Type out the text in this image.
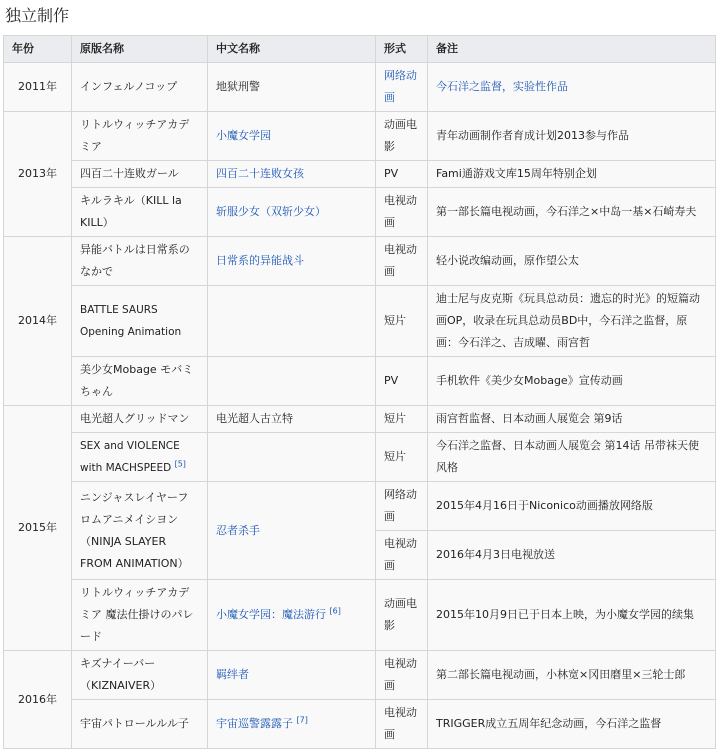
独立制作
年份	原版名称	中文名称	形式	备注
2011年	インフェルノコップ	地狱刑警	网络动画	今石洋之监督，实验性作品
2013年	リトルウィッチアカデミア	小魔女学园	动画电影	青年动画制作者育成计划2013参与作品
	四百二十连败ガール	四百二十连败女孩	PV	Fami通游戏文库15周年特别企划
	キルラキル（KILL la KILL）	斩服少女（双斩少女）	电视动画	第一部长篇电视动画，今石洋之×中岛一基×石崎寿夫
2014年	异能バトルは日常系のなかで	日常系的异能战斗	电视动画	轻小说改编动画，原作望公太
	BATTLE SAURS Opening Animation		短片	迪士尼与皮克斯《玩具总动员：遗忘的时光》的短篇动画OP，收录在玩具总动员BD中，今石洋之监督，原画：今石洋之、吉成曜、雨宫哲
	美少女Mobage モバミちゃん		PV	手机软件《美少女Mobage》宣传动画
2015年	电光超人グリッドマン	电光超人古立特	短片	雨宫哲监督、日本动画人展览会 第9话
	SEX and VIOLENCE with MACHSPEED [5]		短片	今石洋之监督、日本动画人展览会 第14话 吊带袜天使风格
	ニンジャスレイヤーフロムアニメイシヨン（NINJA SLAYER FROM ANIMATION）	忍者杀手	网络动画	2015年4月16日于Niconico动画播放网络版
			电视动画	2016年4月3日电视放送
	リトルウィッチアカデミア 魔法仕掛けのパレード	小魔女学园：魔法游行 [6]	动画电影	2015年10月9日已于日本上映，为小魔女学园的续集
2016年	キズナイーバー（KIZNAIVER）	羁绊者	电视动画	第二部长篇电视动画，小林宽×冈田磨里×三轮士郎
	宇宙パトロールルル子	宇宙巡警露露子 [7]	电视动画	TRIGGER成立五周年纪念动画，今石洋之监督
